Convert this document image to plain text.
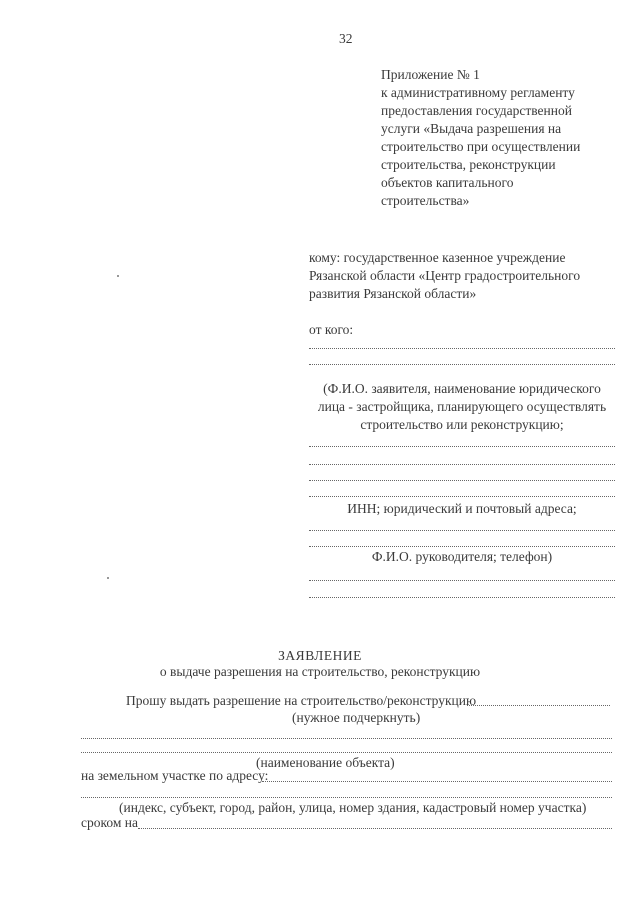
32
Приложение № 1
к административному регламенту
предоставления государственной
услуги «Выдача разрешения на
строительство при осуществлении
строительства, реконструкции
объектов капитального
строительства»
кому: государственное казенное учреждение
Рязанской области «Центр градостроительного
развития Рязанской области»
от кого:
(Ф.И.О. заявителя, наименование юридического
лица - застройщика, планирующего осуществлять
строительство или реконструкцию;
ИНН; юридический и почтовый адреса;
Ф.И.О. руководителя; телефон)
ЗАЯВЛЕНИЕ
о выдаче разрешения на строительство, реконструкцию
Прошу выдать разрешение на строительство/реконструкцию
(нужное подчеркнуть)
(наименование объекта)
на земельном участке по адресу:
(индекс, субъект, город, район, улица, номер здания, кадастровый номер участка)
сроком на
